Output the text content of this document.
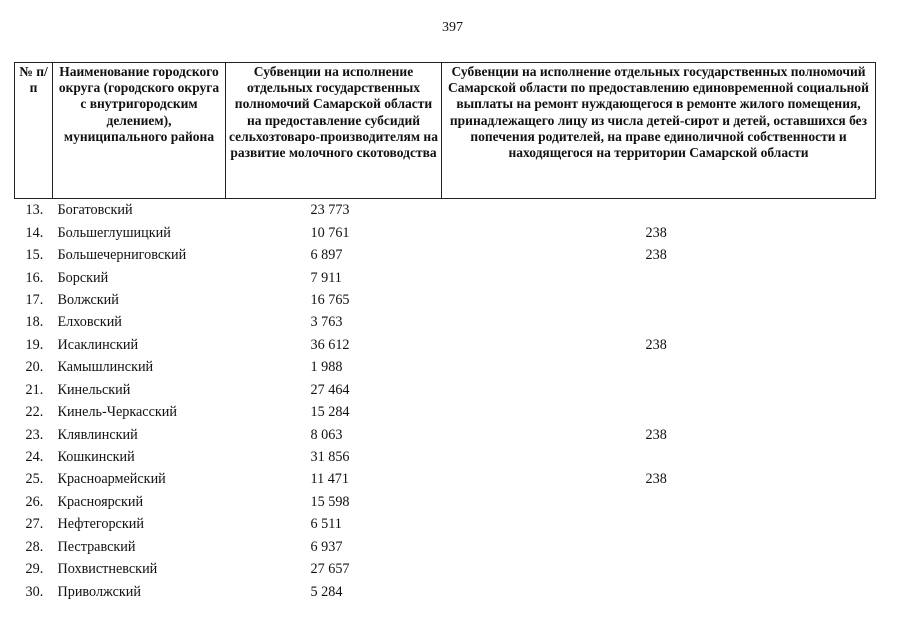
397
№ п/п	Наименование городского округа (городского округа с внутригородским делением), муниципального района	Субвенции на исполнение отдельных государственных полномочий Самарской области на предоставление субсидий сельхозтоваро-производителям на развитие молочного скотоводства	Субвенции на исполнение отдельных государственных полномочий Самарской области по предоставлению единовременной социальной выплаты на ремонт нуждающегося в ремонте жилого помещения, принадлежащего лицу из числа детей-сирот и детей, оставшихся без попечения родителей, на праве единоличной собственности и находящегося на территории Самарской области
13.	Богатовский	23 773	
14.	Большеглушицкий	10 761	238
15.	Большечерниговский	6 897	238
16.	Борский	7 911	
17.	Волжский	16 765	
18.	Елховский	3 763	
19.	Исаклинский	36 612	238
20.	Камышлинский	1 988	
21.	Кинельский	27 464	
22.	Кинель-Черкасский	15 284	
23.	Клявлинский	8 063	238
24.	Кошкинский	31 856	
25.	Красноармейский	11 471	238
26.	Красноярский	15 598	
27.	Нефтегорский	6 511	
28.	Пестравский	6 937	
29.	Похвистневский	27 657	
30.	Приволжский	5 284	
